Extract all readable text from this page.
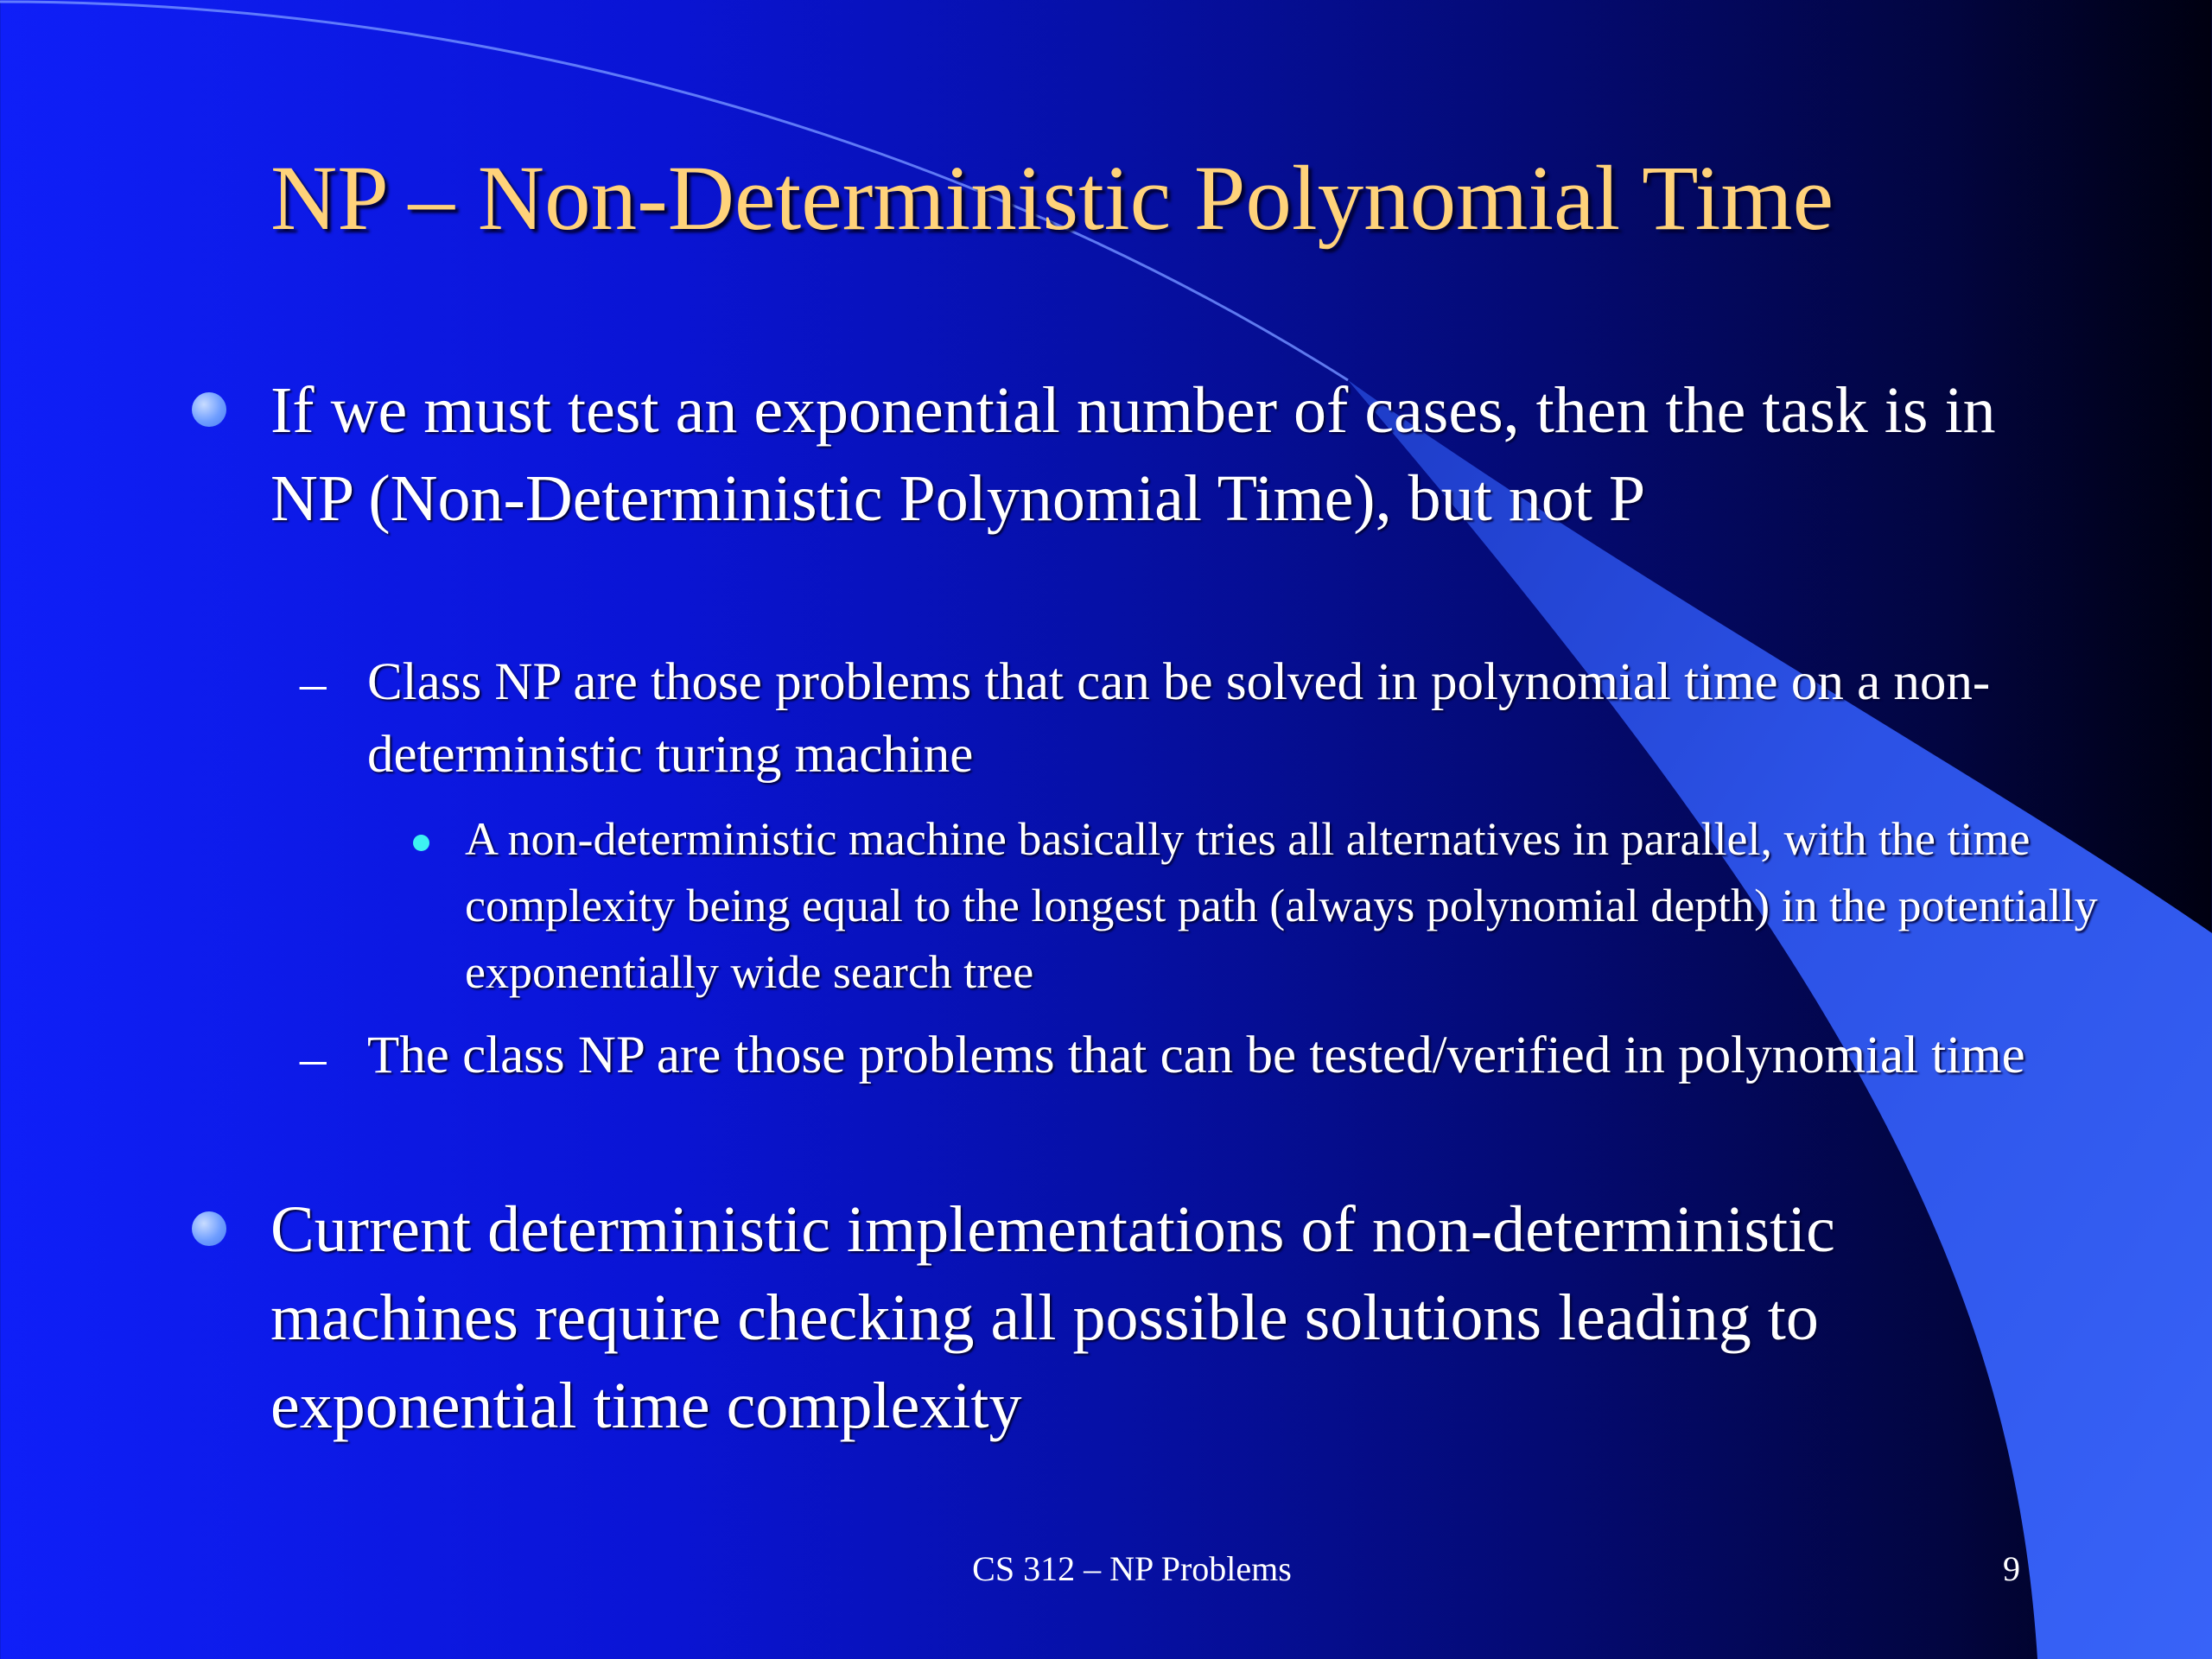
NP – Non-Deterministic Polynomial Time
If we must test an exponential number of cases, then the task is in NP (Non-Deterministic Polynomial Time), but not P
– Class NP are those problems that can be solved in polynomial time on a non-deterministic turing machine
A non-deterministic machine basically tries all alternatives in parallel, with the time complexity being equal to the longest path (always polynomial depth) in the potentially exponentially wide search tree
– The class NP are those problems that can be tested/verified in polynomial time
Current deterministic implementations of non-deterministic machines require checking all possible solutions leading to exponential time complexity
CS 312 – NP Problems	9
